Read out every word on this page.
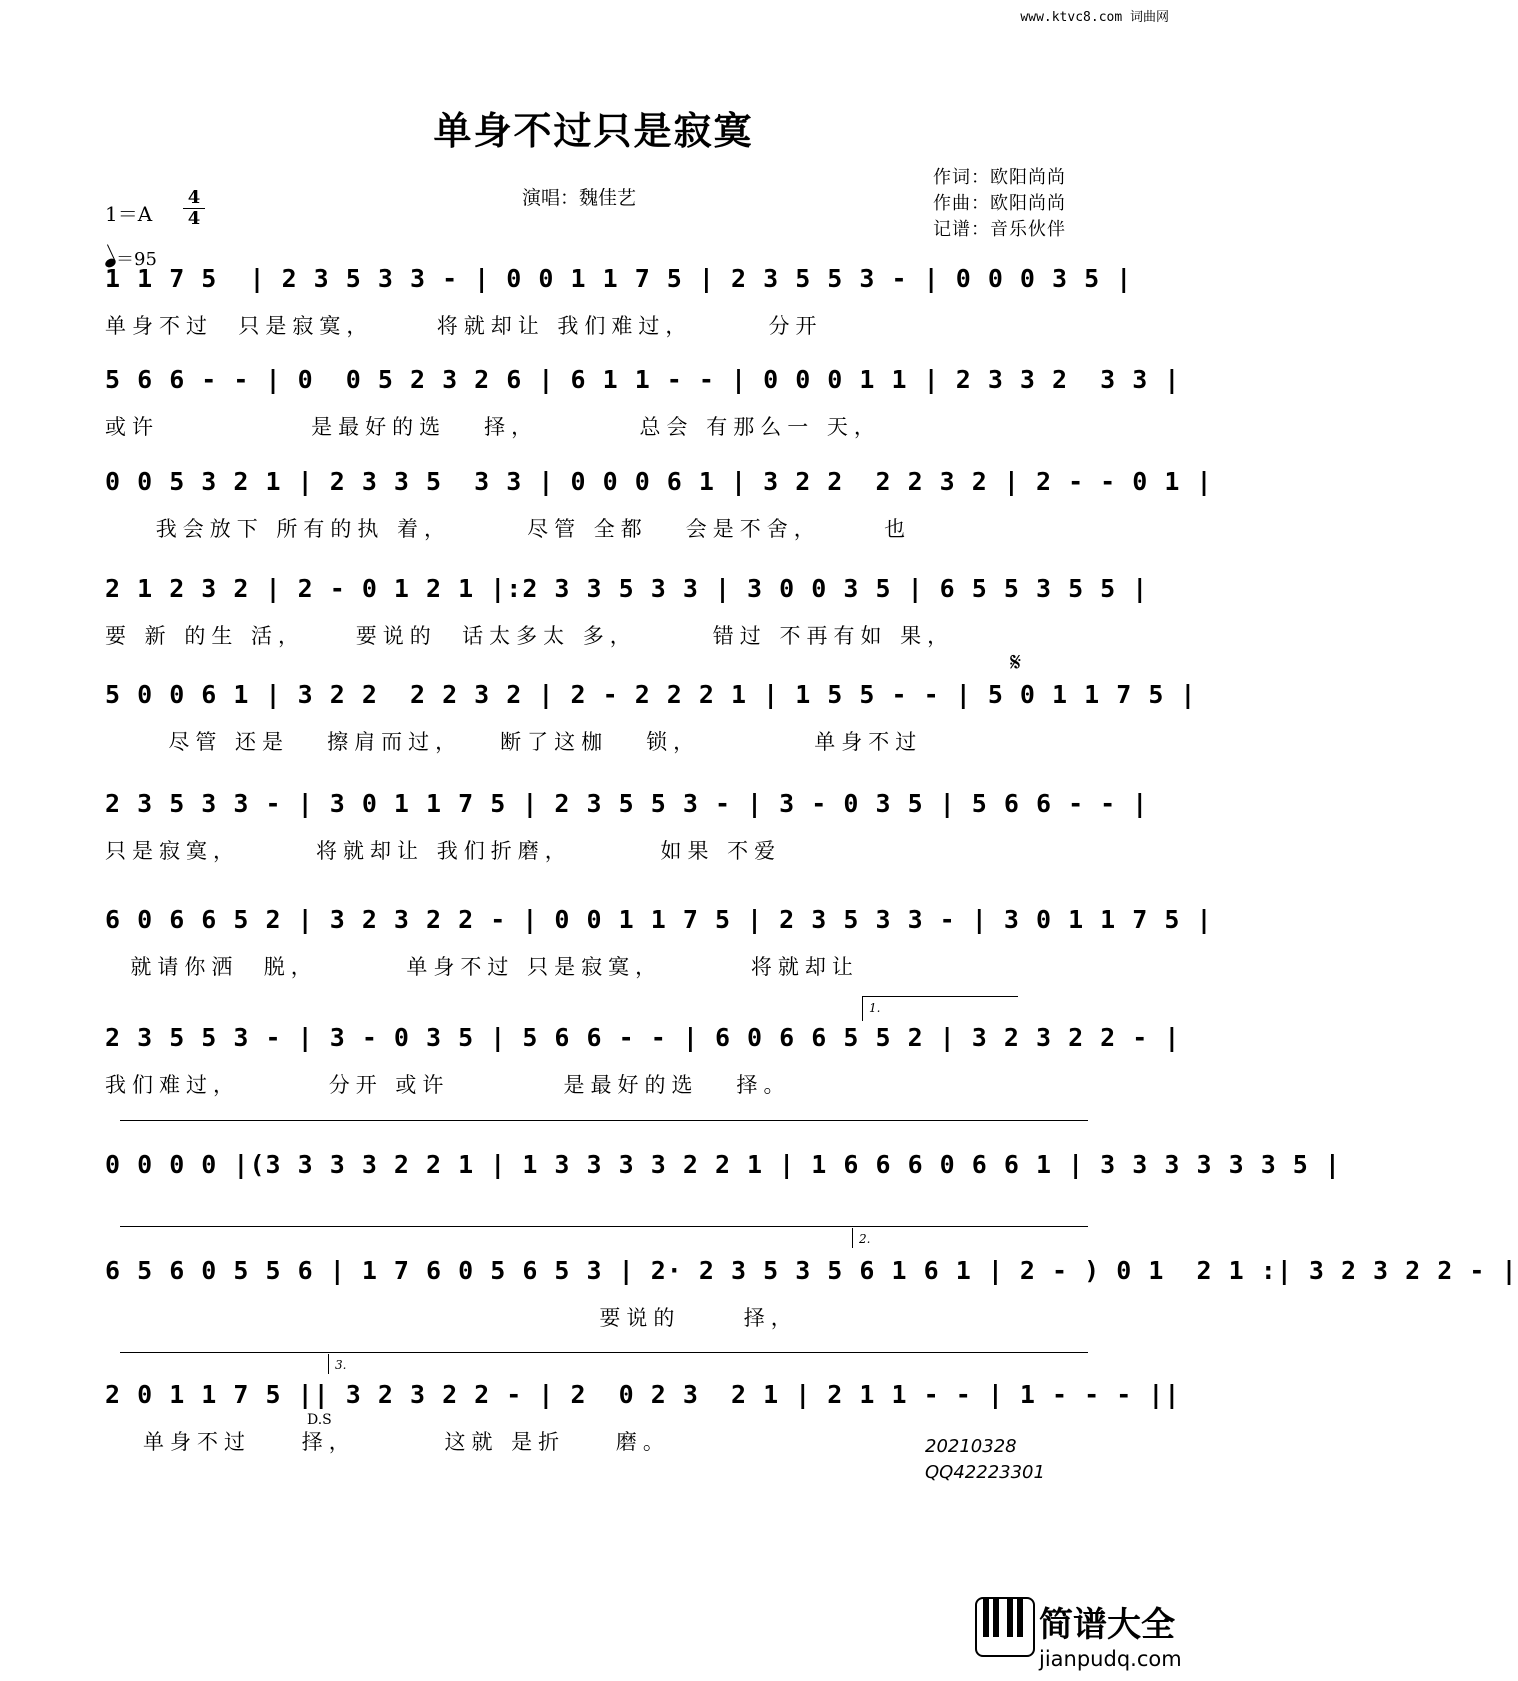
www.ktvc8.com 词曲网
单身不过只是寂寞
演唱：魏佳艺
作词：欧阳尚尚
作曲：欧阳尚尚
记谱：音乐伙伴
1＝A
4
4
＝95
1 1 7 5  | 2 3 5 3 3 - | 0 0 1 1 7 5 | 2 3 5 5 3 - | 0 0 0 3 5 |
单身不过  只是寂寞，     将就却让 我们难过，      分开
5 6 6 - - | 0  0 5 2 3 2 6 | 6 1 1 - - | 0 0 0 1 1 | 2 3 3 2  3 3 |
或许            是最好的选   择，        总会 有那么一 天，
0 0 5 3 2 1 | 2 3 3 5  3 3 | 0 0 0 6 1 | 3 2 2  2 2 3 2 | 2 - - 0 1 |
我会放下 所有的执 着，      尽管 全都   会是不舍，     也
2 1 2 3 2 | 2 - 0 1 2 1 |:2 3 3 5 3 3 | 3 0 0 3 5 | 6 5 5 3 5 5 |
要 新 的生 活，    要说的  话太多太 多，      错过 不再有如 果，
𝄋
5 0 0 6 1 | 3 2 2  2 2 3 2 | 2 - 2 2 2 1 | 1 5 5 - - | 5 0 1 1 7 5 |
尽管 还是   擦肩而过，   断了这枷   锁，         单身不过
2 3 5 3 3 - | 3 0 1 1 7 5 | 2 3 5 5 3 - | 3 - 0 3 5 | 5 6 6 - - |
只是寂寞，      将就却让 我们折磨，       如果 不爱
6 0 6 6 5 2 | 3 2 3 2 2 - | 0 0 1 1 7 5 | 2 3 5 3 3 - | 3 0 1 1 7 5 |
就请你洒  脱，       单身不过 只是寂寞，       将就却让
1.
2 3 5 5 3 - | 3 - 0 3 5 | 5 6 6 - - | 6 0 6 6 5 5 2 | 3 2 3 2 2 - |
我们难过，       分开 或许         是最好的选   择。
0 0 0 0 |(3 3 3 3 2 2 1 | 1 3 3 3 3 2 2 1 | 1 6 6 6 0 6 6 1 | 3 3 3 3 3 3 5 |
2.
6 5 6 0 5 5 6 | 1 7 6 0 5 6 5 3 | 2· 2 3 5 3 5 6 1 6 1 | 2 - ) 0 1  2 1 :| 3 2 3 2 2 - |
要说的     择，
3.
2 0 1 1 7 5 || 3 2 3 2 2 - | 2  0 2 3  2 1 | 2 1 1 - - | 1 - - - ||
D.S
单身不过    择，       这就 是折    磨。	20210328
QQ42223301
简谱大全
jianpudq.com
